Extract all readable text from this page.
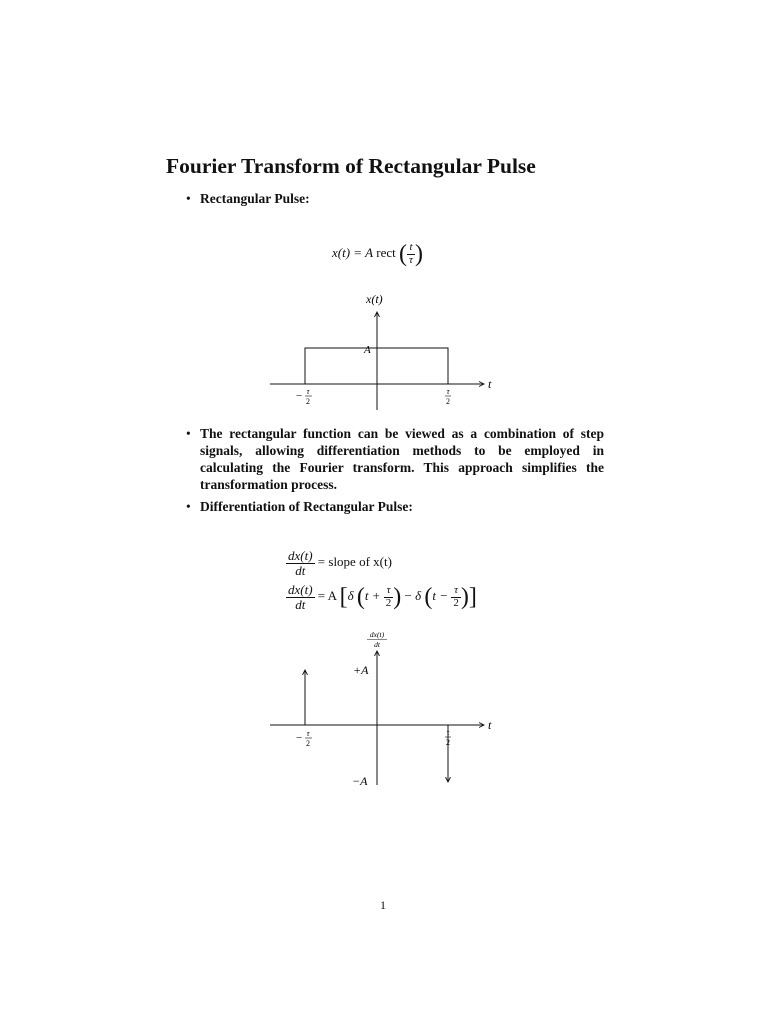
Fourier Transform of Rectangular Pulse
• Rectangular Pulse:
x(t) = A rect ( $\frac{t}{\tau}$ )
x(t)
t
A
− τ
2
τ
2
• The rectangular function can be viewed as a combination of step signals, allowing differentiation methods to be employed in calculating the Fourier transform. This approach simplifies the transformation process.
• Differentiation of Rectangular Pulse:
$\frac{dx(t)}{dt}$ = slope of x(t)
$\frac{dx(t)}{dt} = A$ [δ ($t + \frac{\tau}{2}$ ) − δ ($t - \frac{\tau}{2}$ )]
dx(t)
dt
t
+A
−A
− τ
2
τ
2
1
